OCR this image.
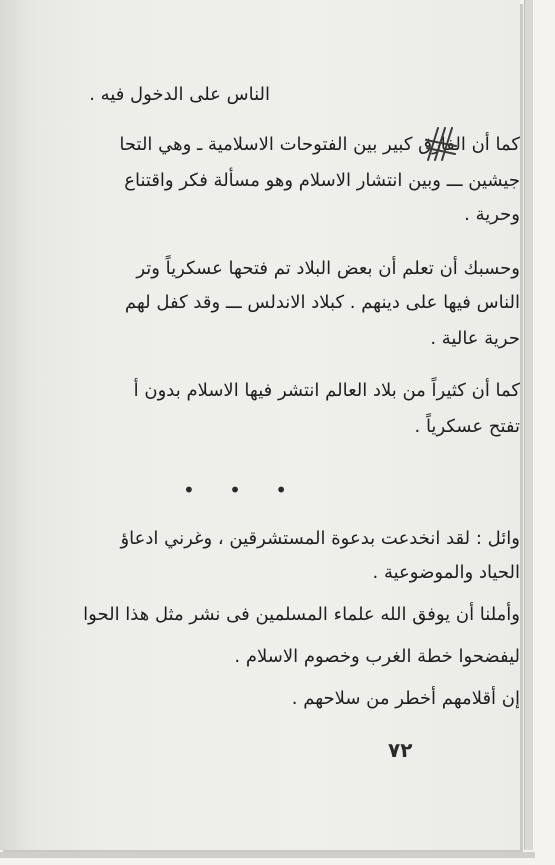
الناس على الدخول فيه .
كما أن الفارق كبير بين الفتوحات الاسلامية ـ وهي التحا
جيشين ـــ وبين انتشار الاسلام وهو مسألة فكر واقتناع
وحرية .
وحسبك أن تعلم أن بعض البلاد تم فتحها عسكرياً وتر
الناس فيها على دينهم . كبلاد الاندلس ـــ وقد كفل لهم
حرية عالية .
كما أن كثيراً من بلاد العالم انتشر فيها الاسلام بدون أ
تفتح عسكرياً .
• • •
وائل : لقد انخدعت بدعوة المستشرقين ، وغرني ادعاؤ
الحياد والموضوعية .
وأملنا أن يوفق الله علماء المسلمين فى نشر مثل هذا الحوا
ليفضحوا خطة الغرب وخصوم الاسلام .
إن أقلامهم أخطر من سلاحهم .
٧٢
